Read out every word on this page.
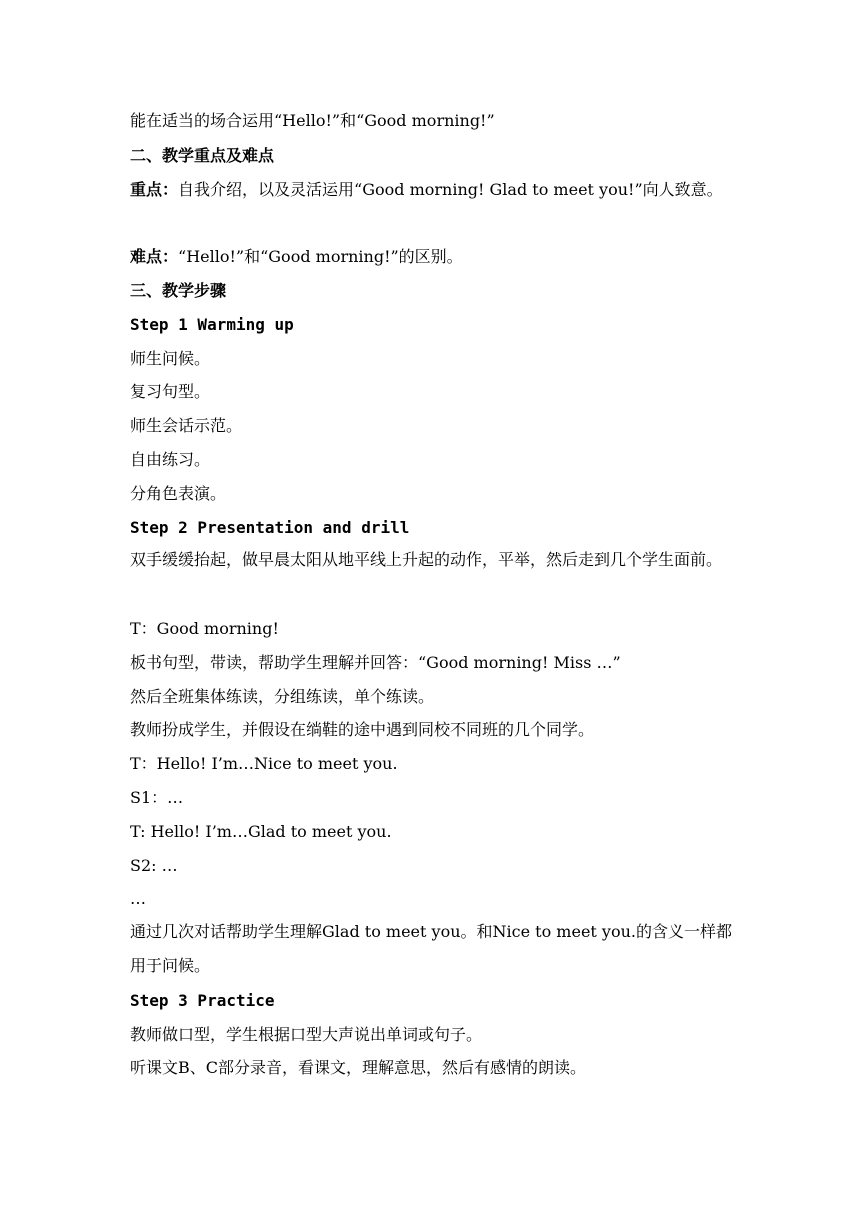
能在适当的场合运用“Hello!”和“Good morning!”
二、教学重点及难点
重点：自我介绍，以及灵活运用“Good morning! Glad to meet you!”向人致意。
难点：“Hello!”和“Good morning!”的区别。
三、教学步骤
Step 1 Warming up
师生问候。
复习句型。
师生会话示范。
自由练习。
分角色表演。
Step 2 Presentation and drill
双手缓缓抬起，做早晨太阳从地平线上升起的动作，平举，然后走到几个学生面前。
T：Good morning!
板书句型，带读，帮助学生理解并回答：“Good morning! Miss …”
然后全班集体练读，分组练读，单个练读。
教师扮成学生，并假设在绱鞋的途中遇到同校不同班的几个同学。
T：Hello! I’m…Nice to meet you.
S1：…
T: Hello! I’m…Glad to meet you.
S2: …
…
通过几次对话帮助学生理解Glad to meet you。和Nice to meet you.的含义一样都用于问候。
Step 3 Practice
教师做口型，学生根据口型大声说出单词或句子。
听课文B、C部分录音，看课文，理解意思，然后有感情的朗读。
